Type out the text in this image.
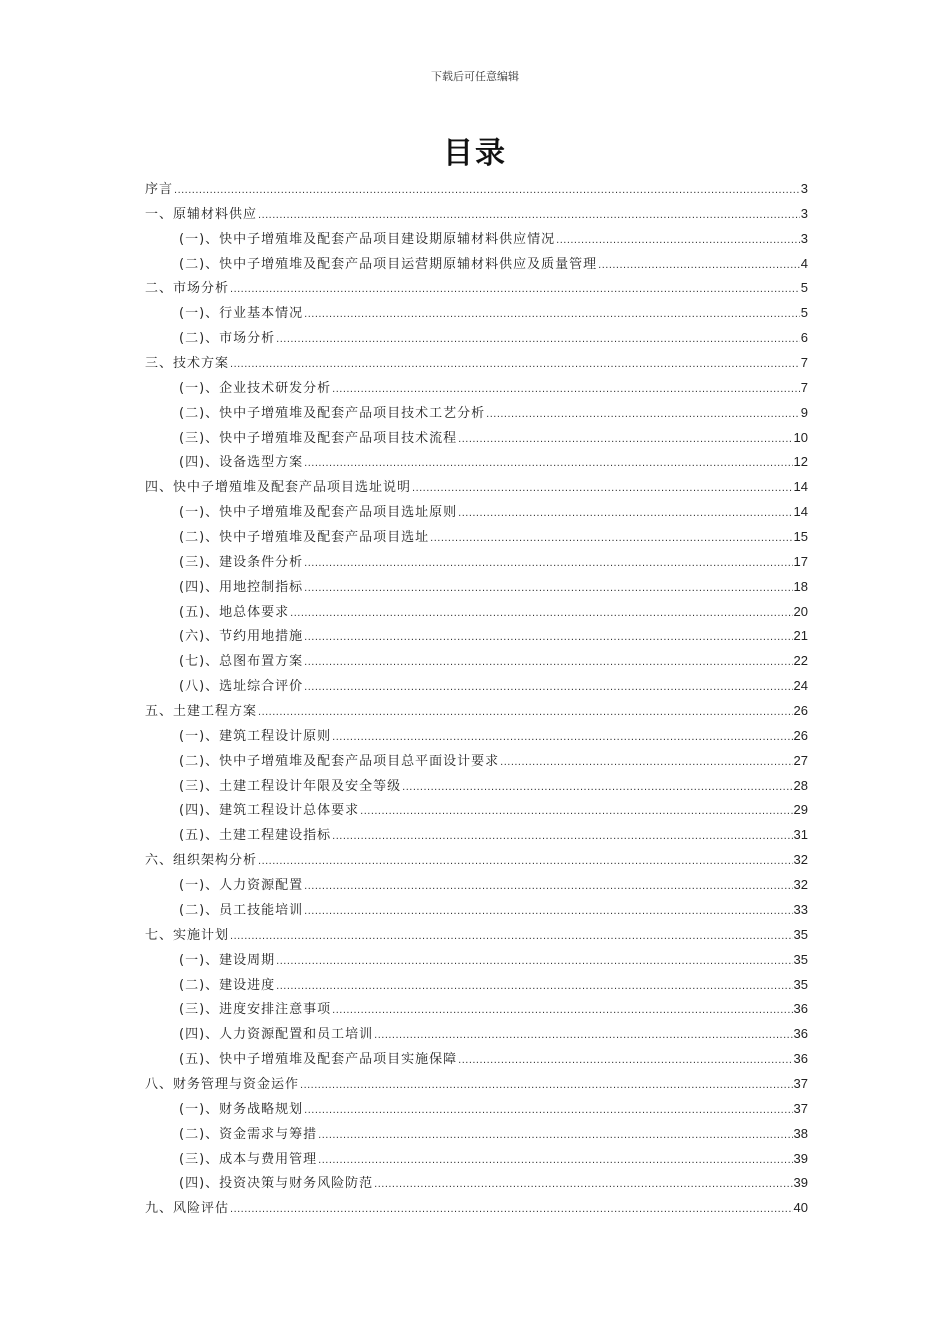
下载后可任意编辑
目录
序言 .....	3
一、原辅材料供应 .....	3
(一)、快中子增殖堆及配套产品项目建设期原辅材料供应情况 .....	3
(二)、快中子增殖堆及配套产品项目运营期原辅材料供应及质量管理 .....	4
二、市场分析 .....	5
(一)、行业基本情况 .....	5
(二)、市场分析 .....	6
三、技术方案 .....	7
(一)、企业技术研发分析 .....	7
(二)、快中子增殖堆及配套产品项目技术工艺分析 .....	9
(三)、快中子增殖堆及配套产品项目技术流程 .....	10
(四)、设备选型方案 .....	12
四、快中子增殖堆及配套产品项目选址说明 .....	14
(一)、快中子增殖堆及配套产品项目选址原则 .....	14
(二)、快中子增殖堆及配套产品项目选址 .....	15
(三)、建设条件分析 .....	17
(四)、用地控制指标 .....	18
(五)、地总体要求 .....	20
(六)、节约用地措施 .....	21
(七)、总图布置方案 .....	22
(八)、选址综合评价 .....	24
五、土建工程方案 .....	26
(一)、建筑工程设计原则 .....	26
(二)、快中子增殖堆及配套产品项目总平面设计要求 .....	27
(三)、土建工程设计年限及安全等级 .....	28
(四)、建筑工程设计总体要求 .....	29
(五)、土建工程建设指标 .....	31
六、组织架构分析 .....	32
(一)、人力资源配置 .....	32
(二)、员工技能培训 .....	33
七、实施计划 .....	35
(一)、建设周期 .....	35
(二)、建设进度 .....	35
(三)、进度安排注意事项 .....	36
(四)、人力资源配置和员工培训 .....	36
(五)、快中子增殖堆及配套产品项目实施保障 .....	36
八、财务管理与资金运作 .....	37
(一)、财务战略规划 .....	37
(二)、资金需求与筹措 .....	38
(三)、成本与费用管理 .....	39
(四)、投资决策与财务风险防范 .....	39
九、风险评估 .....	40
